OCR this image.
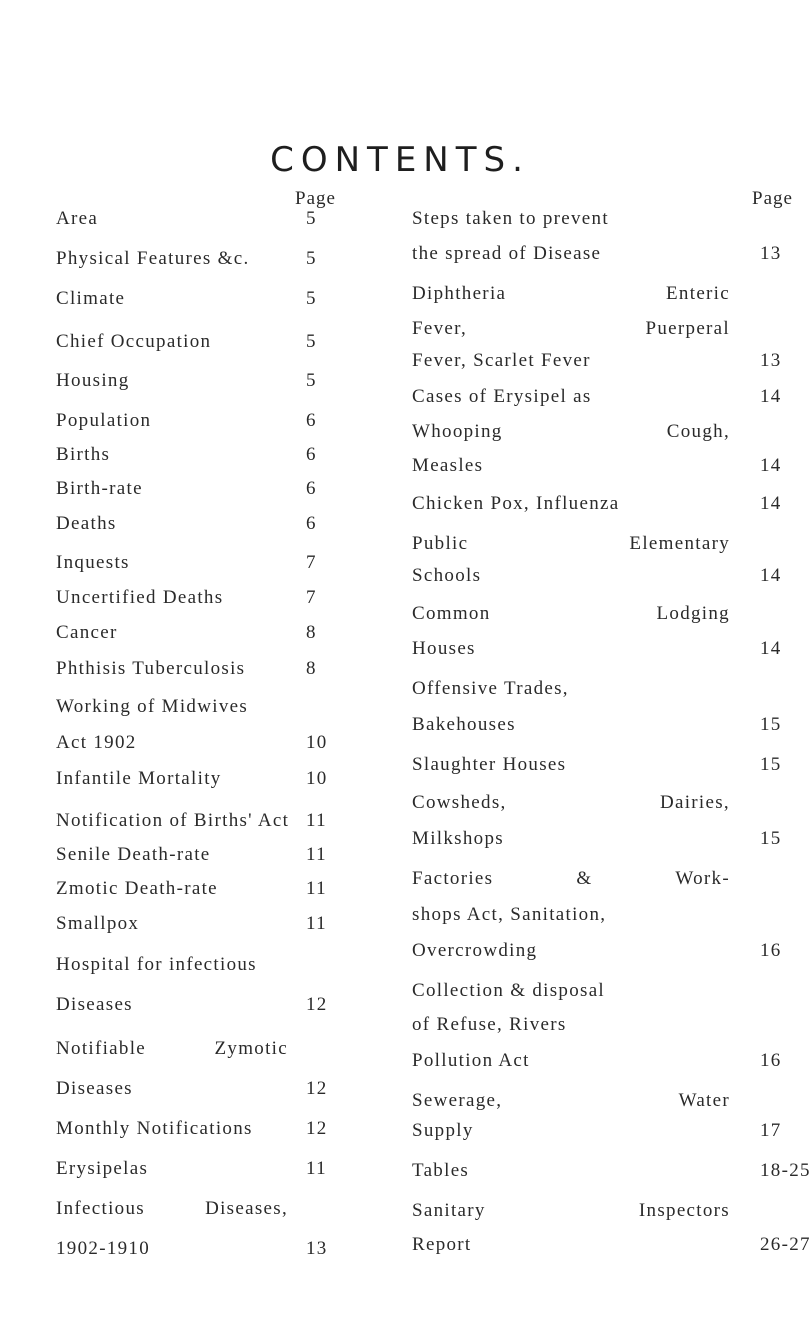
CONTENTS.
Page
Area	5
Physical Features &c.	5
Climate	5
Chief Occupation	5
Housing	5
Population	6
Births	6
Birth-rate	6
Deaths	6
Inquests	7
Uncertified Deaths	7
Cancer	8
Phthisis Tuberculosis	8
Working of Midwives
Act 1902	10
Infantile Mortality	10
Notification of Births' Act 11
Senile Death-rate	11
Zmotic Death-rate	11
Smallpox	11
Hospital for infectious
Diseases	12
Notifiable	Zymotic
Diseases	12
Monthly Notifications	12
Erysipelas	11
Infectious	Diseases,
1902-1910	13
Page
Steps taken to prevent
the spread of Disease	13
Diphtheria	Enteric
Fever,	Puerperal
Fever, Scarlet Fever	13
Cases of Erysipel as	14
Whooping	Cough,
Measles	14
Chicken Pox, Influenza	14
Public	Elementary
Schools	14
Common	Lodging
Houses	14
Offensive Trades,
Bakehouses	15
Slaughter Houses	15
Cowsheds,	Dairies,
Milkshops	15
Factories	&	Work-
shops Act, Sanitation,
Overcrowding	16
Collection & disposal
of Refuse, Rivers
Pollution Act	16
Sewerage,	Water
Supply	17
Tables	18-25
Sanitary	Inspectors
Report	26-27
